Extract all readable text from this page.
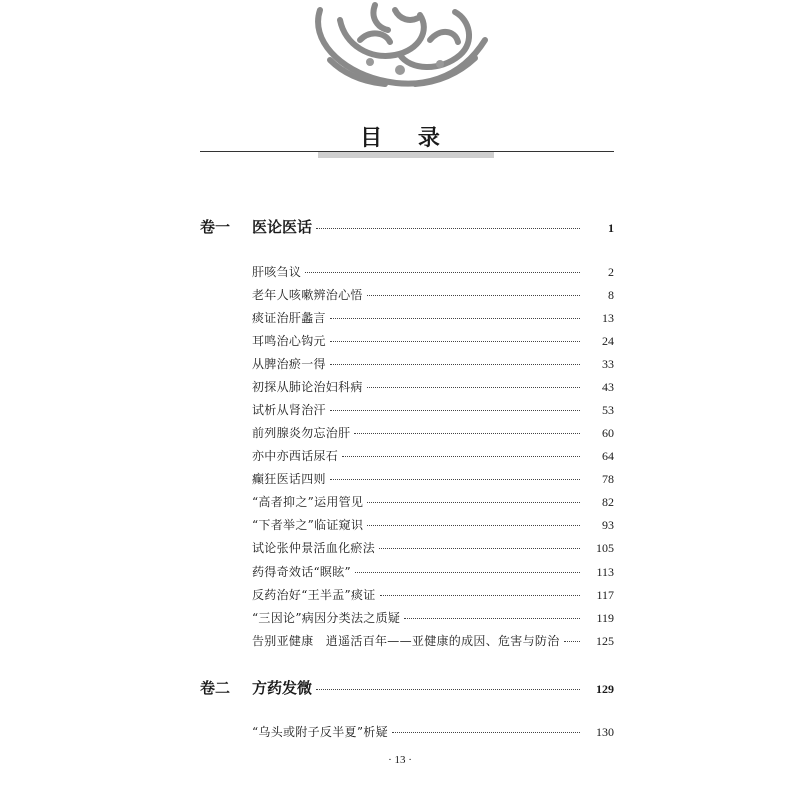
目 录
卷一	医论医话	1
肝咳刍议	2
老年人咳嗽辨治心悟	8
痰证治肝蠡言	13
耳鸣治心钩元	24
从脾治瘀一得	33
初探从肺论治妇科病	43
试析从肾治汗	53
前列腺炎勿忘治肝	60
亦中亦西话尿石	64
癫狂医话四则	78
“高者抑之”运用管见	82
“下者举之”临证窥识	93
试论张仲景活血化瘀法	105
药得奇效话“瞑眩”	113
反药治好“王半盂”痰证	117
“三因论”病因分类法之质疑	119
告别亚健康　逍遥活百年——亚健康的成因、危害与防治	125
卷二	方药发微	129
“乌头或附子反半夏”析疑	130
· 13 ·
